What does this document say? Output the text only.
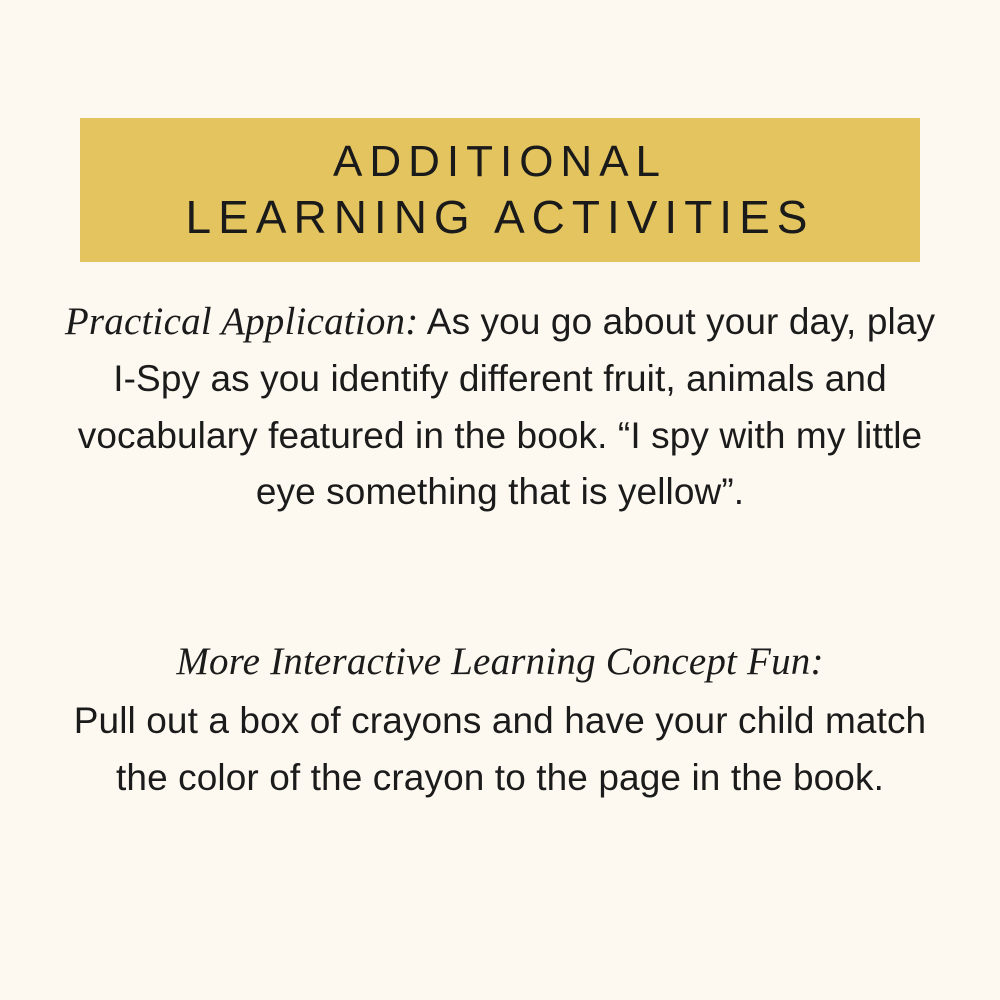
ADDITIONAL
LEARNING ACTIVITIES

Practical Application: As you go about your day, play I-Spy as you identify different fruit, animals and vocabulary featured in the book. “I spy with my little eye something that is yellow”.

More Interactive Learning Concept Fun:
Pull out a box of crayons and have your child match the color of the crayon to the page in the book.
